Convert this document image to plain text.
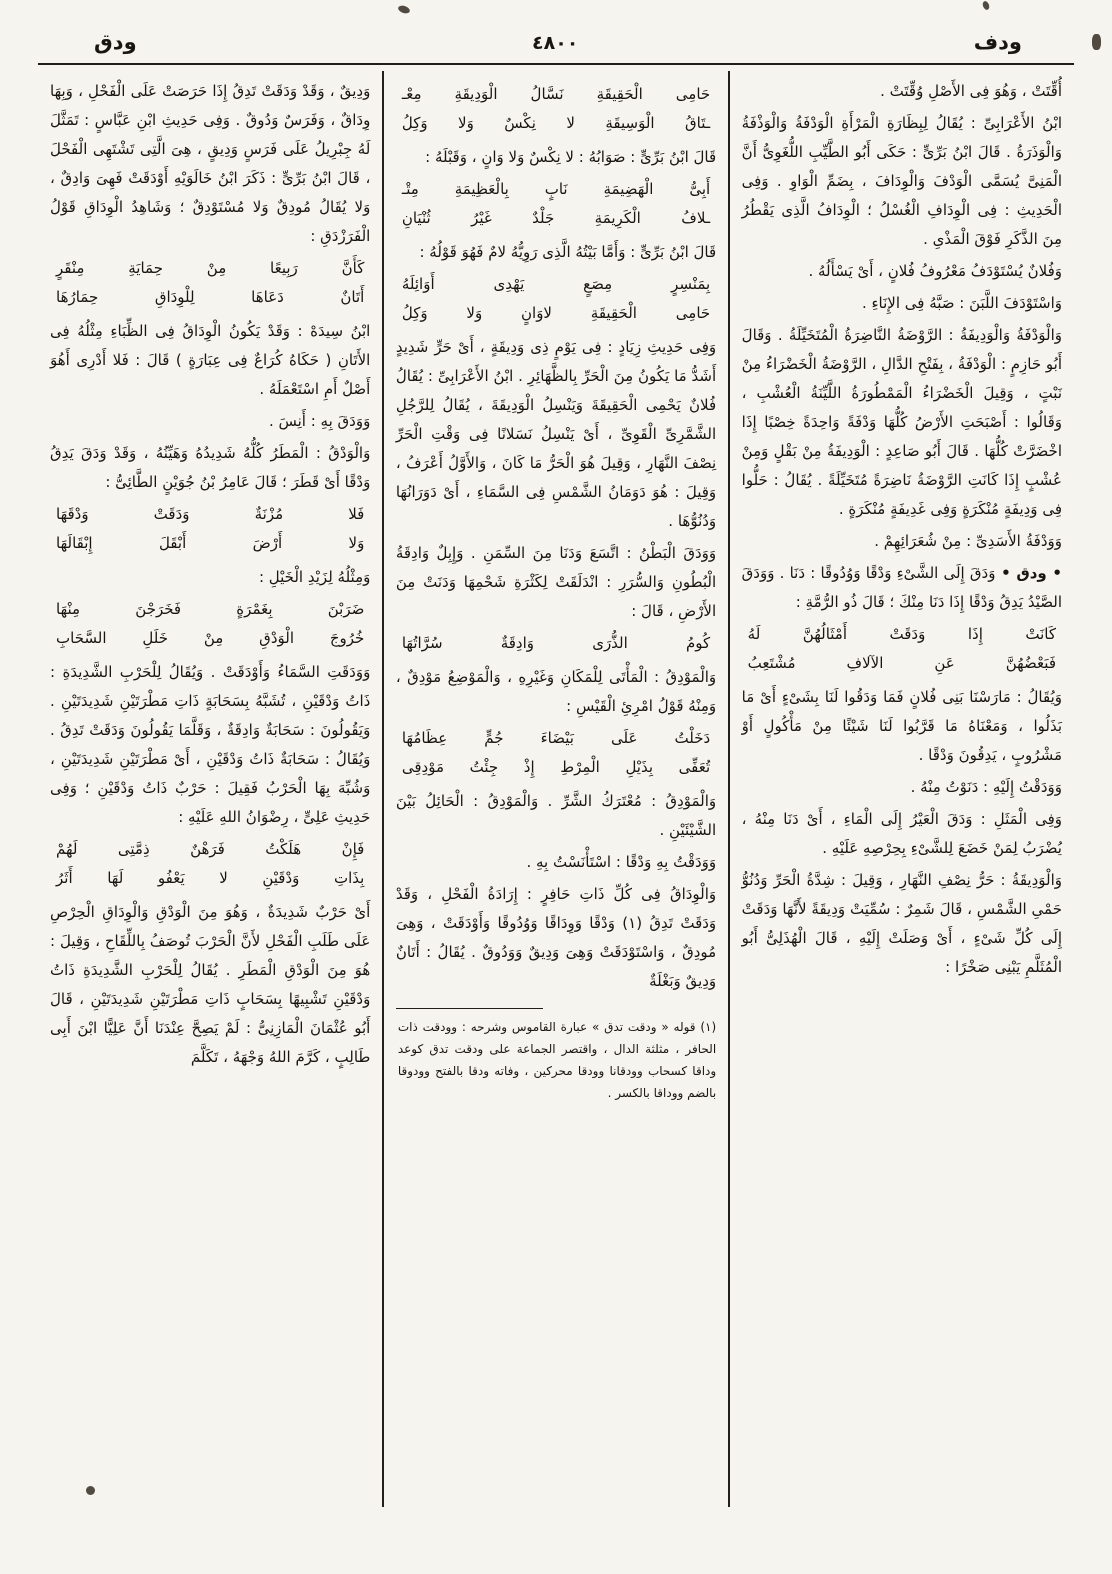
ودق	٤٨٠٠	ودف

أُقِّتَتْ ، وَهُوَ فِى الأَصْلِ وُقِّتَتْ .

ابْنُ الأَعْرَابِىِّ : يُقَالُ لِبِظَارَةِ الْمَرْأَةِ الْوَدْفَةُ وَالْوَذْفَةُ وَالْوَذَرَةُ . قَالَ ابْنُ بَرِّىٍّ : حَكَى أَبُو الطَّيِّبِ اللُّغَوِىُّ أَنَّ الْمَنِىَّ يُسَمَّى الْوَدْفَ وَالْوِدَافَ ، بِضَمِّ الْوَاوِ . وَفِى الْحَدِيثِ : فِى الْوِدَافِ الْغُسْلُ ؛ الْوِدَافُ الَّذِى يَقْطُرُ مِنَ الذَّكَرِ فَوْقَ الْمَذْىِ .

وَفُلانٌ يُسْتَوْدَفُ مَعْرُوفُ فُلانٍ ، أَىْ يَسْأَلُهُ .

وَاسْتَوْدَفَ اللَّبَنَ : صَبَّهُ فِى الإِنَاءِ .

وَالْوَدْفَةُ وَالْوَدِيفَةُ : الرَّوْضَةُ النَّاضِرَةُ الْمُتَخَيِّلَةُ . وَقَالَ أَبُو حَازِمٍ : الْوَدْفَةُ ، بِفَتْحِ الدَّالِ ، الرَّوْضَةُ الْخَضْرَاءُ مِنْ نَبْتٍ ، وَقِيلَ الْخَضْرَاءُ الْمَمْطُورَةُ اللَّيِّنَةُ الْعُشْبِ ، وَقَالُوا : أَصْبَحَتِ الأَرْضُ كُلُّهَا وَدْفَةً وَاحِدَةً خِصْبًا إِذَا اخْضَرَّتْ كُلُّهَا . قَالَ أَبُو صَاعِدٍ : الْوَدِيفَةُ مِنْ بَقْلٍ وَمِنْ عُشْبٍ إِذَا كَانَتِ الرَّوْضَةُ نَاضِرَةً مُتَخَيِّلَةً . يُقَالُ : حَلُّوا فِى وَدِيفَةٍ مُنْكَرَةٍ وَفِى غَدِيفَةٍ مُنْكَرَةٍ .

وَوَدْفَةُ الأَسَدِىِّ : مِنْ شُعَرَائِهِمْ .

• ودق • وَدَقَ إِلَى الشَّىْءِ وَدْقًا وَوُدُوقًا : دَنَا . وَوَدَقَ الصَّيْدُ يَدِقُ وَدْقًا إِذَا دَنَا مِنْكَ ؛ قَالَ ذُو الرُّمَّةِ :

كَانَتْ إِذَا وَدَقَتْ أَمْثَالُهُنَّ لَهُ
فَبَعْضُهُنَّ عَنِ الآلافِ مُشْتَعِبُ

وَيُقَالُ : مَارَسْنَا بَنِى فُلانٍ فَمَا وَدَقُوا لَنَا بِشَىْءٍ أَىْ مَا بَذَلُوا ، وَمَعْنَاهُ مَا قَرَّبُوا لَنَا شَيْئًا مِنْ مَأْكُولٍ أَوْ مَشْرُوبٍ ، يَدِقُونَ وَدْقًا .

وَوَدَقْتُ إِلَيْهِ : دَنَوْتُ مِنْهُ .

وَفِى الْمَثَلِ : وَدَقَ الْعَيْرُ إِلَى الْمَاءِ ، أَىْ دَنَا مِنْهُ ، يُضْرَبُ لِمَنْ خَضَعَ لِلشَّىْءِ بِحِرْصِهِ عَلَيْهِ .

وَالْوَدِيقَةُ : حَرُّ نِصْفِ النَّهَارِ ، وَقِيلَ : شِدَّةُ الْحَرِّ وَدُنُوُّ حَمْىِ الشَّمْسِ ، قَالَ شَمِرٌ : سُمِّيَتْ وَدِيقَةً لأَنَّهَا وَدَقَتْ إِلَى كُلِّ شَىْءٍ ، أَىْ وَصَلَتْ إِلَيْهِ ، قَالَ الْهُذَلِىُّ أَبُو الْمُثَلَّمِ يَبْنِى صَخْرًا :

حَامِى الْحَقِيقَةِ نَسَّالُ الْوَدِيقَةِ مِعْـ
ـتَاقُ الْوَسِيقَةِ لا نِكْسٌ وَلا وَكِلُ

قَالَ ابْنُ بَرِّىٍّ : صَوَابُهُ : لا نِكْسٌ وَلا وَانٍ ، وَقَبْلَهُ :

أَبِىُّ الْهَضِيمَةِ نَابٍ بِالْعَظِيمَةِ مِتْـ
ـلافُ الْكَرِيمَةِ جَلْدٌ غَيْرُ ثُنْيَانِ

قَالَ ابْنُ بَرِّىٍّ : وَأَمَّا بَيْتُهُ الَّذِى رَوِيُّهُ لامٌ فَهُوَ قَوْلُهُ :

بِمَنْسِرٍ مِصَعٍ يَهْدِى أَوَائِلَهُ
حَامِى الْحَقِيقَةِ لاوَانٍ وَلا وَكِلُ

وَفِى حَدِيثِ زِيَادٍ : فِى يَوْمٍ ذِى وَدِيقَةٍ ، أَىْ حَرٍّ شَدِيدٍ أَشَدُّ مَا يَكُونُ مِنَ الْحَرِّ بِالظَّهَائِرِ . ابْنُ الأَعْرَابِىِّ : يُقَالُ فُلانٌ يَحْمِى الْحَقِيقَةَ وَيَنْسِلُ الْوَدِيقَةَ ، يُقَالُ لِلرَّجُلِ الشَّمَّرِىِّ الْقَوِىِّ ، أَىْ يَنْسِلُ نَسَلانًا فِى وَقْتِ الْحَرِّ نِصْفَ النَّهَارِ ، وَقِيلَ هُوَ الْحَرُّ مَا كَانَ ، وَالأَوَّلُ أَعْرَفُ ، وَقِيلَ : هُوَ دَوَمَانُ الشَّمْسِ فِى السَّمَاءِ ، أَىْ دَوَرَانُهَا وَدُنُوُّهَا .

وَوَدَقَ الْبَطْنُ : اتَّسَعَ وَدَنَا مِنَ السِّمَنِ . وَإِبِلٌ وَادِقَةُ الْبُطُونِ وَالسُّرَرِ : انْدَلَقَتْ لِكَثْرَةِ شَحْمِهَا وَدَنَتْ مِنَ الأَرْضِ ، قَالَ :

كُومُ الذُّرَى وَادِقَةٌ سُرَّاتُهَا

وَالْمَوْدِقُ : الْمَأْتَى لِلْمَكَانِ وَغَيْرِهِ ، وَالْمَوْضِعُ مَوْدِقٌ ، وَمِنْهُ قَوْلُ امْرِئِ الْقَيْسِ :

دَخَلْتُ عَلَى بَيْضَاءَ جُمٍّ عِظَامُهَا
تُعَفِّى بِذَيْلِ الْمِرْطِ إِذْ جِئْتُ مَوْدِقِى

وَالْمَوْدِقُ : مُعْتَرَكُ الشَّرِّ . وَالْمَوْدِقُ : الْحَائِلُ بَيْنَ الشَّيْئَيْنِ .

وَوَدَقْتُ بِهِ وَدْقًا : اسْتَأْنَسْتُ بِهِ .

وَالْوِدَاقُ فِى كُلِّ ذَاتِ حَافِرٍ : إِرَادَةُ الْفَحْلِ ، وَقَدْ وَدَقَتْ تَدِقُ (١) وَدْقًا وَوِدَاقًا وَوُدُوقًا وَأَوْدَقَتْ ، وَهِىَ مُودِقٌ ، وَاسْتَوْدَقَتْ وَهِىَ وَدِيقٌ وَوَدُوقٌ . يُقَالُ : أَتَانٌ وَدِيقٌ وَبَغْلَةٌ

(١) قوله « ودقت تدق » عبارة القاموس وشرحه : وودقت ذات الحافر ، مثلثة الدال ، واقتصر الجماعة على ودقت تدق كوعد وداقا كسحاب وودقانا وودقا محركين ، وفاته ودقا بالفتح وودوقا بالضم ووداقا بالكسر .

وَدِيقٌ ، وَقَدْ وَدَقَتْ تَدِقُ إِذَا حَرَصَتْ عَلَى الْفَحْلِ ، وَبِهَا وِدَاقٌ ، وَفَرَسٌ وَدُوقٌ . وَفِى حَدِيثِ ابْنِ عَبَّاسٍ : تَمَثَّلَ لَهُ جِبْرِيلُ عَلَى فَرَسٍ وَدِيقٍ ، هِىَ الَّتِى تَشْتَهِى الْفَحْلَ ، قَالَ ابْنُ بَرِّىٍّ : ذَكَرَ ابْنُ خَالَوَيْهِ أَوْدَقَتْ فَهِىَ وَادِقٌ ، وَلا يُقَالُ مُودِقٌ وَلا مُسْتَوْدِقٌ ؛ وَشَاهِدُ الْوِدَاقِ قَوْلُ الْفَرَزْدَقِ :

كَأَنَّ رَبِيعًا مِنْ حِمَايَةِ مِنْقَرٍ
أَتَانٌ دَعَاهَا لِلْوِدَاقِ حِمَارُهَا

ابْنُ سِيدَهْ : وَقَدْ يَكُونُ الْوِدَاقُ فِى الظِّبَاءِ مِثْلُهُ فِى الأَتَانِ ( حَكَاهُ كُرَاعٌ فِى عِبَارَةٍ ) قَالَ : فَلا أَدْرِى أَهُوَ أَصْلٌ أَمِ اسْتَعْمَلَهُ .

وَوَدَقَ بِهِ : أَنِسَ .

وَالْوَدْقُ : الْمَطَرُ كُلُّهُ شَدِيدُهُ وَهَيِّنُهُ ، وَقَدْ وَدَقَ يَدِقُ وَدْقًا أَىْ قَطَرَ ؛ قَالَ عَامِرُ بْنُ جُوَيْنٍ الطَّائِىُّ :

فَلا مُزْنَةٌ وَدَقَتْ وَدْقَهَا
وَلا أَرْضَ أَبْقَلَ إِبْقَالَهَا

وَمِثْلُهُ لِزَيْدِ الْخَيْلِ :

ضَرَبْنَ بِغَمْرَةٍ فَخَرَجْنَ مِنْهَا
خُرُوجَ الْوَدْقِ مِنْ خَلَلِ السَّحَابِ

وَوَدَقَتِ السَّمَاءُ وَأَوْدَقَتْ . وَيُقَالُ لِلْحَرْبِ الشَّدِيدَةِ : ذَاتُ وَدْقَيْنِ ، تُشَبَّهُ بِسَحَابَةٍ ذَاتِ مَطْرَتَيْنِ شَدِيدَتَيْنِ . وَيَقُولُونَ : سَحَابَةٌ وَادِقَةٌ ، وَقَلَّمَا يَقُولُونَ وَدَقَتْ تَدِقُ . وَيُقَالُ : سَحَابَةٌ ذَاتُ وَدْقَيْنِ ، أَىْ مَطْرَتَيْنِ شَدِيدَتَيْنِ ، وَشُبِّهَ بِهَا الْحَرْبُ فَقِيلَ : حَرْبٌ ذَاتُ وَدْقَيْنِ ؛ وَفِى حَدِيثِ عَلِىٍّ ، رِضْوَانُ اللهِ عَلَيْهِ :

فَإِنْ هَلَكْتُ فَرَهْنٌ ذِمَّتِى لَهُمْ
بِذَاتِ وَدْقَيْنِ لا يَعْفُو لَهَا أَثَرُ

أَىْ حَرْبٌ شَدِيدَةٌ ، وَهُوَ مِنَ الْوَدْقِ وَالْوِدَاقِ الْحِرْصِ عَلَى طَلَبِ الْفَحْلِ لأَنَّ الْحَرْبَ تُوصَفُ بِاللِّقَاحِ ، وَقِيلَ : هُوَ مِنَ الْوَدْقِ الْمَطَرِ . يُقَالُ لِلْحَرْبِ الشَّدِيدَةِ ذَاتُ وَدْقَيْنِ تَشْبِيهًا بِسَحَابٍ ذَاتِ مَطْرَتَيْنِ شَدِيدَتَيْنِ ، قَالَ أَبُو عُثْمَانَ الْمَازِنِىُّ : لَمْ يَصِحَّ عِنْدَنَا أَنَّ عَلِيًّا ابْنَ أَبِى طَالِبٍ ، كَرَّمَ اللهُ وَجْهَهُ ، تَكَلَّمَ
